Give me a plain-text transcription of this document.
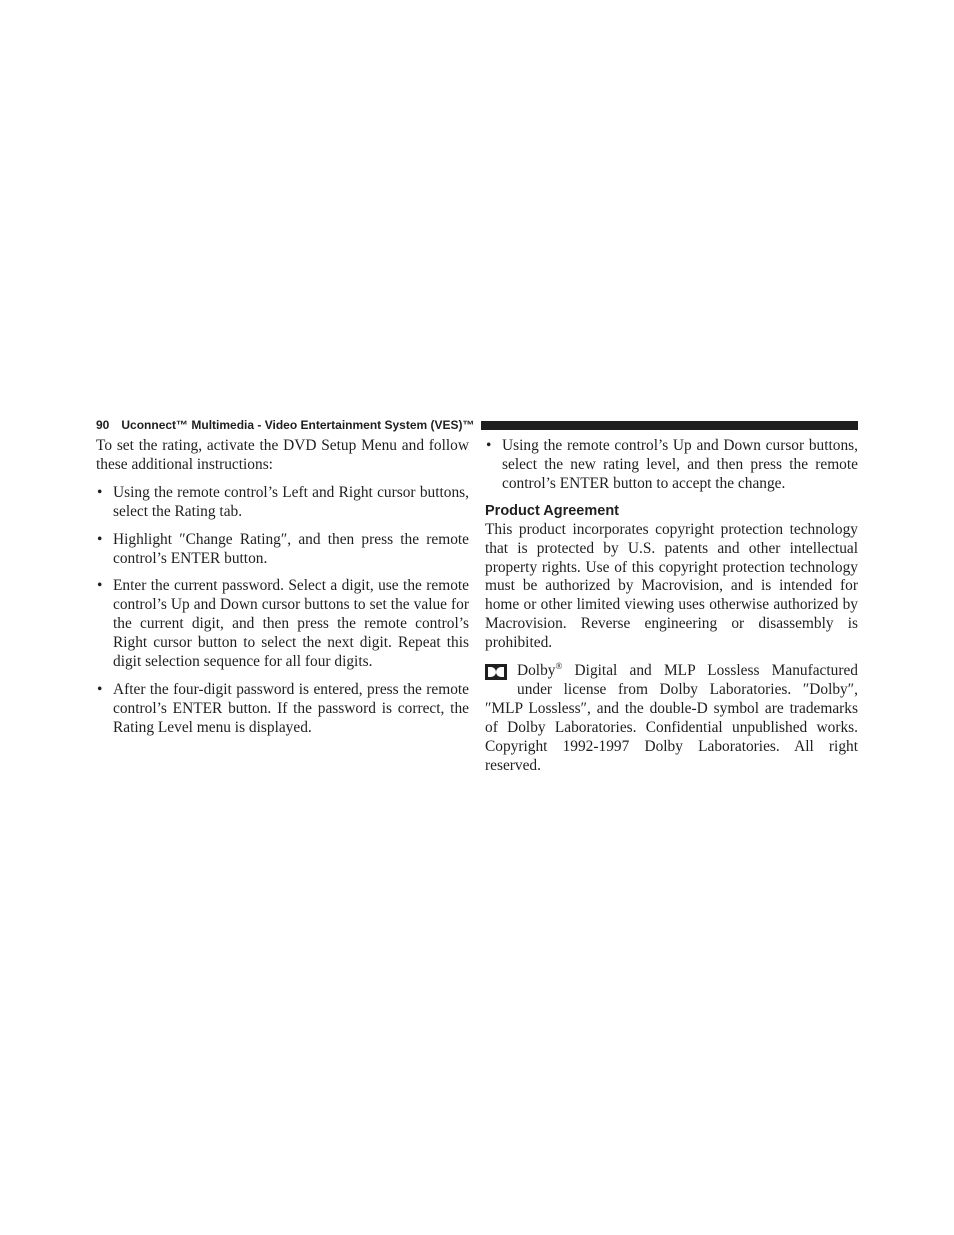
90 Uconnect™ Multimedia - Video Entertainment System (VES)™

To set the rating, activate the DVD Setup Menu and follow these additional instructions:

• Using the remote control’s Left and Right cursor buttons, select the Rating tab.
• Highlight ″Change Rating″, and then press the remote control’s ENTER button.
• Enter the current password. Select a digit, use the remote control’s Up and Down cursor buttons to set the value for the current digit, and then press the remote control’s Right cursor button to select the next digit. Repeat this digit selection sequence for all four digits.
• After the four-digit password is entered, press the remote control’s ENTER button. If the password is correct, the Rating Level menu is displayed.
• Using the remote control’s Up and Down cursor buttons, select the new rating level, and then press the remote control’s ENTER button to accept the change.
Product Agreement

This product incorporates copyright protection technology that is protected by U.S. patents and other intellectual property rights. Use of this copyright protection technology must be authorized by Macrovision, and is intended for home or other limited viewing uses otherwise authorized by Macrovision. Reverse engineering or disassembly is prohibited.

Dolby® Digital and MLP Lossless Manufactured
under license from Dolby Laboratories. ″Dolby″,
″MLP Lossless″, and the double-D symbol are trademarks of Dolby Laboratories. Confidential unpublished works. Copyright 1992-1997 Dolby Laboratories. All right reserved.
